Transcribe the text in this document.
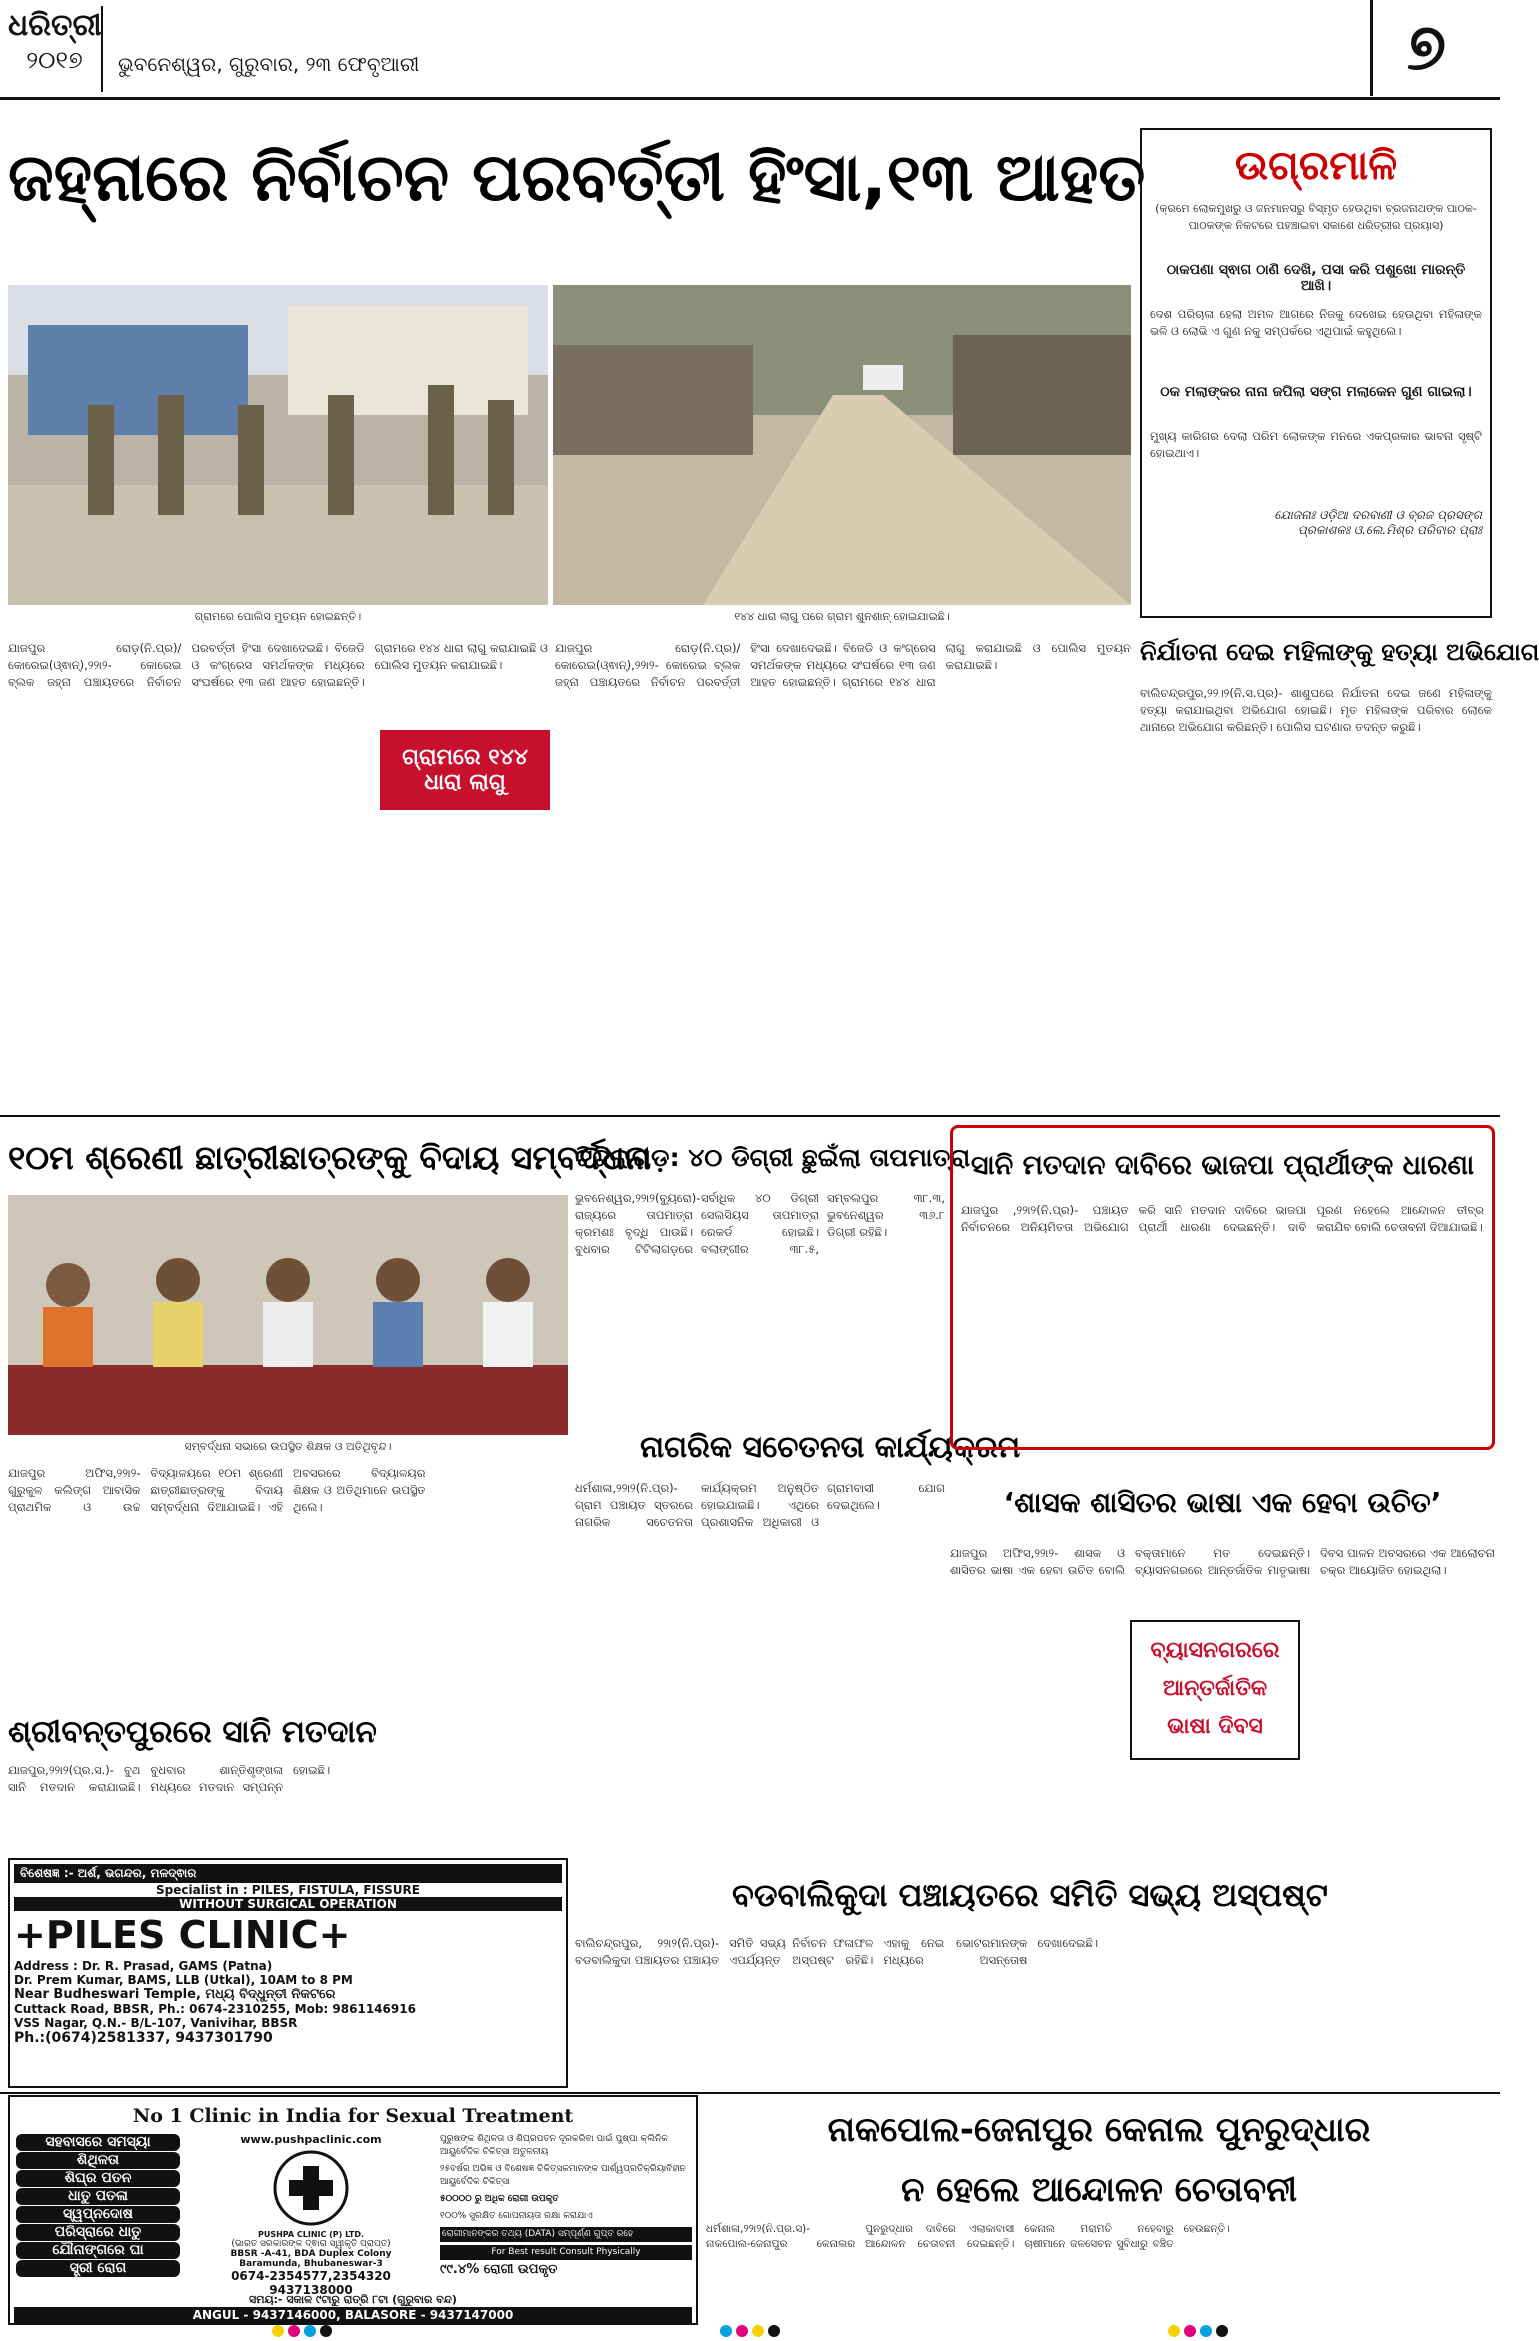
ଧରିତ୍ରୀ
୨୦୧୭	ଭୁବନେଶ୍ୱର, ଗୁରୁବାର, ୨୩ ଫେବୃଆରୀ	୭
ଜହ୍ନାରେ ନିର୍ବାଚନ ପରବର୍ତ୍ତୀ ହିଂସା,୧୩ ଆହତ
ଗ୍ରାମରେ ପୋଲିସ ମୁତୟନ ହୋଇଛନ୍ତି।	୧୪୪ ଧାରା ଲାଗୁ ପରେ ଗ୍ରାମ ଶୁନଶାନ୍ ହୋଇଯାଇଛି।
ଉଗ୍ରମାଳି
(କ୍ରମେ ଲୋକମୁଖରୁ ଓ ଜନମାନସରୁ ବିସ୍ମୃତ ହେଉଥିବା ବ୍ରଜନାଥଙ୍କ ପାଠକ-ପାଠକଙ୍କ ନିକଟରେ ପହଞ୍ଚାଇବା ସକାଶେ ଧରିତ୍ରୀର ପ୍ରୟାସ)
ଠାକପଣା ସ୍ଵାଗ ଠାଣି ଦେଖି, ପସା କରି ପଶୁଖୋ ମାରନ୍ତି ଆଖି।
ଦେଶ ପରିଚାଳା ହେଲା ଅମଳ ଆଗରେ ନିଜକୁ ଦେଖେଇ ହେଉଥିବା ମହିଳାଙ୍କ ଭଳି ଓ ଲୋଭି ଏ ଗୁଣ ନକୁ ସମ୍ପର୍କରେ ଏଥିପାଇଁ କହୁଥିଲେ।
ଠକ ମଲାଙ୍କର ନାନା ଜପିଲା ସଙ୍ଗ ମଲାକେନ ଗୁଣ ଗାଇଲା।
ମୁଖ୍ୟ କାରିଗର ଦେଲା ପରିମ ଲୋକଙ୍କ ମନରେ ଏକପ୍ରକାର ଭାବନା ସୃଷ୍ଟି ହୋଇଥାଏ।
ଯୋଜନାଃ ଓଡ଼ିଆ ଦରବାଣୀ ଓ ବ୍ରଜ ପ୍ରସଙ୍ଗ
ପ୍ରକାଶକଃ ଓ.ଲେ.ମିଶ୍ର ପରିବାର ପ୍ରାଃ
ନିର୍ଯାତନା ଦେଇ ମହିଳାଙ୍କୁ ହତ୍ୟା ଅଭିଯୋଗ
ବାଲିଚନ୍ଦ୍ରପୁର,୨୨।୨(ନି.ସ.ପ୍ର)- ଶାଶୁଘରେ ନିର୍ଯାତନା ଦେଇ ଜଣେ ମହିଳାଙ୍କୁ ହତ୍ୟା କରାଯାଇଥିବା ଅଭିଯୋଗ ହୋଇଛି। ମୃତ ମହିଳାଙ୍କ ପରିବାର ଲୋକେ ଥାନାରେ ଅଭିଯୋଗ କରିଛନ୍ତି। ପୋଲିସ ଘଟଣାର ତଦନ୍ତ କରୁଛି।
ଯାଜପୁର ରୋଡ଼(ନି.ପ୍ର)/କୋରେଇ(ଓ୍ଵାନ୍),୨୨ା୨- କୋରେଇ ବ୍ଲକ ଜହ୍ନା ପଞ୍ଚାୟତରେ ନିର୍ବାଚନ ପରବର୍ତ୍ତୀ ହିଂସା ଦେଖାଦେଇଛି। ବିଜେଡି ଓ କଂଗ୍ରେସ ସମର୍ଥକଙ୍କ ମଧ୍ୟରେ ସଂଘର୍ଷରେ ୧୩ ଜଣ ଆହତ ହୋଇଛନ୍ତି। ଗ୍ରାମରେ ୧୪୪ ଧାରା ଲାଗୁ କରାଯାଇଛି ଓ ପୋଲିସ ମୁତୟନ କରାଯାଇଛି।
ଗ୍ରାମରେ ୧୪୪ ଧାରା ଲାଗୁ
ଯାଜପୁର ରୋଡ଼(ନି.ପ୍ର)/କୋରେଇ(ଓ୍ଵାନ୍),୨୨ା୨- କୋରେଇ ବ୍ଲକ ଜହ୍ନା ପଞ୍ଚାୟତରେ ନିର୍ବାଚନ ପରବର୍ତ୍ତୀ ହିଂସା ଦେଖାଦେଇଛି। ବିଜେଡି ଓ କଂଗ୍ରେସ ସମର୍ଥକଙ୍କ ମଧ୍ୟରେ ସଂଘର୍ଷରେ ୧୩ ଜଣ ଆହତ ହୋଇଛନ୍ତି। ଗ୍ରାମରେ ୧୪୪ ଧାରା ଲାଗୁ କରାଯାଇଛି ଓ ପୋଲିସ ମୁତୟନ କରାଯାଇଛି।
୧୦ମ ଶ୍ରେଣୀ ଛାତ୍ରୀଛାତ୍ରଙ୍କୁ ବିଦାୟ ସମ୍ବର୍ଦ୍ଧନା
ସମ୍ବର୍ଦ୍ଧନା ସଭାରେ ଉପସ୍ଥିତ ଶିକ୍ଷକ ଓ ଅତିଥିବୃନ୍ଦ।
ଯାଜପୁର ଅଫିସ,୨୨ା୨- ଗୁରୁକୁଳ କଲିଙ୍ଗ ଆବାସିକ ପ୍ରାଥମିକ ଓ ଉଚ୍ଚ ବିଦ୍ୟାଳୟରେ ୧୦ମ ଶ୍ରେଣୀ ଛାତ୍ରୀଛାତ୍ରଙ୍କୁ ବିଦାୟ ସମ୍ବର୍ଦ୍ଧନା ଦିଆଯାଇଛି। ଏହି ଅବସରରେ ବିଦ୍ୟାଳୟର ଶିକ୍ଷକ ଓ ଅତିଥିମାନେ ଉପସ୍ଥିତ ଥିଲେ।
ଶ୍ରୀବନ୍ତପୁରରେ ସାନି ମତଦାନ
ଯାଜପୁର,୨୨ା୨(ପ୍ର.ସ.)- ବୁଥ ସାନି ମତଦାନ କରାଯାଇଛି। ବୁଧବାର ଶାନ୍ତିଶୃଙ୍ଖଳା ମଧ୍ୟରେ ମତଦାନ ସମ୍ପନ୍ନ ହୋଇଛି।
ଟିଟିଲାଗଡ଼: ୪୦ ଡିଗ୍ରୀ ଛୁଇଁଲା ତାପମାତ୍ରା
ଭୁବନେଶ୍ୱର,୨୨ା୨(ବ୍ୟୁରୋ)- ରାଜ୍ୟରେ ତାପମାତ୍ରା କ୍ରମଶଃ ବୃଦ୍ଧି ପାଉଛି। ବୁଧବାର ଟିଟିଲାଗଡ଼ରେ ସର୍ବାଧିକ ୪୦ ଡିଗ୍ରୀ ସେଲସିୟସ ତାପମାତ୍ରା ରେକର୍ଡ ହୋଇଛି। ବଲାଙ୍ଗୀର ୩୮.୫, ସମ୍ବଲପୁର ୩୮.୩, ଭୁବନେଶ୍ୱର ୩୬.୮ ଡିଗ୍ରୀ ରହିଛି।
ନାଗରିକ ସଚେତନତା କାର୍ଯ୍ୟକ୍ରମ
ଧର୍ମଶାଳା,୨୨ା୨(ନି.ପ୍ର)- ଗ୍ରାମ ପଞ୍ଚାୟତ ସ୍ତରରେ ନାଗରିକ ସଚେତନତା କାର୍ଯ୍ୟକ୍ରମ ଅନୁଷ୍ଠିତ ହୋଇଯାଇଛି। ଏଥିରେ ପ୍ରଶାସନିକ ଅଧିକାରୀ ଓ ଗ୍ରାମବାସୀ ଯୋଗ ଦେଇଥିଲେ।
ସାନି ମତଦାନ ଦାବିରେ ଭାଜପା ପ୍ରାର୍ଥୀଙ୍କ ଧାରଣା
ଯାଜପୁର ,୨୨ା୨(ନି.ପ୍ର)- ପଞ୍ଚାୟତ ନିର୍ବାଚନରେ ଅନିୟମିତତା ଅଭିଯୋଗ କରି ସାନି ମତଦାନ ଦାବିରେ ଭାଜପା ପ୍ରାର୍ଥୀ ଧାରଣା ଦେଇଛନ୍ତି। ଦାବି ପୂରଣ ନହେଲେ ଆନ୍ଦୋଳନ ତୀବ୍ର କରାଯିବ ବୋଲି ଚେତାବନୀ ଦିଆଯାଇଛି।
‘ଶାସକ ଶାସିତର ଭାଷା ଏକ ହେବା ଉଚିତ’
ଯାଜପୁର ଅଫିସ,୨୨ା୨- ଶାସକ ଓ ଶାସିତର ଭାଷା ଏକ ହେବା ଉଚିତ ବୋଲି ବକ୍ତାମାନେ ମତ ଦେଇଛନ୍ତି। ବ୍ୟାସନଗରରେ ଆନ୍ତର୍ଜାତିକ ମାତୃଭାଷା ଦିବସ ପାଳନ ଅବସରରେ ଏକ ଆଲୋଚନା ଚକ୍ର ଆୟୋଜିତ ହୋଇଥିଲା।
ବ୍ୟାସନଗରରେ
ଆନ୍ତର୍ଜାତିକ
ଭାଷା ଦିବସ
ବିଶେଷଜ୍ଞ :- ଅର୍ଶ, ଭଗନ୍ଦର, ମଳଦ୍ଵାର
Specialist in : PILES, FISTULA, FISSURE
WITHOUT SURGICAL OPERATION
+PILES CLINIC+
Address : Dr. R. Prasad, GAMS (Patna)
Dr. Prem Kumar, BAMS, LLB (Utkal), 10AM to 8 PM
Near Budheswari Temple, ମଧ୍ୟ ବିଦ୍ଧୁନ୍ତୀ ନିକଟରେ
Cuttack Road, BBSR, Ph.: 0674-2310255, Mob: 9861146916
VSS Nagar, Q.N.- B/L-107, Vanivihar, BBSR
Ph.:(0674)2581337, 9437301790
ବଡବାଲିକୁଦା ପଞ୍ଚାୟତରେ ସମିତି ସଭ୍ୟ ଅସ୍ପଷ୍ଟ
ବାଲିଚନ୍ଦ୍ରପୁର, ୨୨ା୨(ନି.ପ୍ର)- ବଡବାଲିକୁଦା ପଞ୍ଚାୟତର ପଞ୍ଚାୟତ ସମିତି ସଭ୍ୟ ନିର୍ବାଚନ ଫଳାଫଳ ଏପର୍ଯ୍ୟନ୍ତ ଅସ୍ପଷ୍ଟ ରହିଛି। ଏହାକୁ ନେଇ ଭୋଟରମାନଙ୍କ ମଧ୍ୟରେ ଅସନ୍ତୋଷ ଦେଖାଦେଇଛି।
No 1 Clinic in India for Sexual Treatment
ସହବାସରେ ସମସ୍ୟା
ଶିଥିଳତା
ଶିଘ୍ର ପତନ
ଧାତୁ ପତଳା
ସ୍ୱପ୍ନଦୋଷ
ପରିସ୍ରାରେ ଧାତୁ
ଯୌନାଙ୍ଗରେ ଘା
ସ୍ତ୍ରୀ ରୋଗ
www.pushpaclinic.com
PUSHPA CLINIC (P) LTD.
(ଭାରତ ସରକାରଙ୍କ ଦ୍ଵାରା ସ୍ୱୀକୃତି ପ୍ରାପ୍ତ)
BBSR -A-41, BDA Duplex Colony
Baramunda, Bhubaneswar-3
0674-2354577,2354320
9437138000
ପୁରୁଷଙ୍କ ଶିଥିଳତା ଓ ଶିଘ୍ରପତନ ଦୂରକରିବା ପାଇଁ ପୁଷ୍ପା କ୍ଲିନିକ ଆୟୁର୍ବେଦିକ ଚିକିତ୍ସା ଅତୁଳନୀୟ
୨୫ବର୍ଷର ଅଭିଜ୍ଞ ଓ ବିଶେଷଜ୍ଞ ଚିକିତ୍ସକମାନଙ୍କ ପାର୍ଶ୍ୱପ୍ରତିକ୍ରିୟାବିହୀନ ଆୟୁର୍ବେଦିକ ଚିକିତ୍ସା
୫୦୦୦୦ ରୁ ଅଧିକ ରୋଗୀ ଉପକୃତ
୧୦୦% ସୁରକ୍ଷିତ ଗୋପନୀୟତା ରକ୍ଷା କରାଯାଏ
ରୋଗୀମାନଙ୍କର ତଥ୍ୟ (DATA) ସମ୍ପୂର୍ଣ୍ଣ ଗୁପ୍ତ ରହେ
For Best result Consult Physically
୯୯.୪% ରୋଗୀ ଉପକୃତ
ସମୟ:- ସକାଳ ୯ଟାରୁ ରାତ୍ରି ୮ଟା (ଗୁରୁବାର ବନ୍ଦ)
ANGUL - 9437146000, BALASORE - 9437147000
ନାକପୋଲ-ଜେନାପୁର କେନାଲ ପୁନରୁଦ୍ଧାର
ନ ହେଲେ ଆନ୍ଦୋଳନ ଚେତାବନୀ
ଧର୍ମଶାଳା,୨୨ା୨(ନି.ପ୍ର.ସ)- ନାକପୋଲ-ଜେନାପୁର କେନାଲର ପୁନରୁଦ୍ଧାର ଦାବିରେ ଏଲାକାବାସୀ ଆନ୍ଦୋଳନ ଚେତାବନୀ ଦେଇଛନ୍ତି। କେନାଲ ମରାମତି ନହେବାରୁ ଚାଷୀମାନେ ଜଳସେଚନ ସୁବିଧାରୁ ବଞ୍ଚିତ ହେଉଛନ୍ତି।
